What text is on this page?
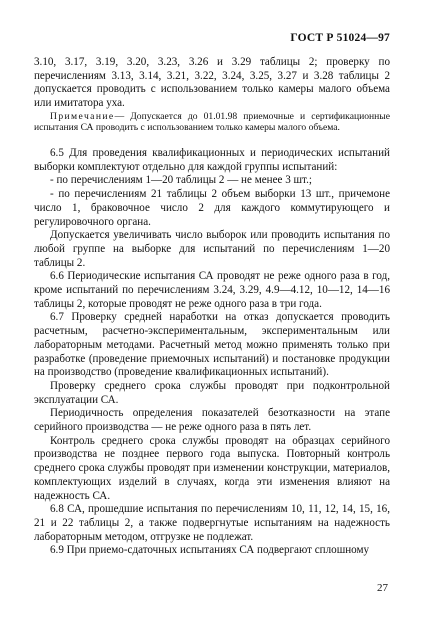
ГОСТ Р 51024—97

3.10, 3.17, 3.19, 3.20, 3.23, 3.26 и 3.29 таблицы 2; проверку по перечислениям 3.13, 3.14, 3.21, 3.22, 3.24, 3.25, 3.27 и 3.28 таблицы 2 допускается проводить с использованием только камеры малого объема или имитатора уха.

Примечание— Допускается до 01.01.98 приемочные и сертификационные испытания СА проводить с использованием только камеры малого объема.

6.5 Для проведения квалификационных и периодических испытаний выборки комплектуют отдельно для каждой группы испытаний:

- по перечислениям 1—20 таблицы 2 — не менее 3 шт.;

- по перечислениям 21 таблицы 2 объем выборки 13 шт., причемоне число 1, браковочное число 2 для каждого коммутирующего и регулировочного органа.

Допускается увеличивать число выборок или проводить испытания по любой группе на выборке для испытаний по перечислениям 1—20 таблицы 2.

6.6 Периодические испытания СА проводят не реже одного раза в год, кроме испытаний по перечислениям 3.24, 3.29, 4.9—4.12, 10—12, 14—16 таблицы 2, которые проводят не реже одного раза в три года.

6.7 Проверку средней наработки на отказ допускается проводить расчетным, расчетно-экспериментальным, экспериментальным или лабораторным методами. Расчетный метод можно применять только при разработке (проведение приемочных испытаний) и постановке продукции на производство (проведение квалификационных испытаний).

Проверку среднего срока службы проводят при подконтрольной эксплуатации СА.

Периодичность определения показателей безотказности на этапе серийного производства — не реже одного раза в пять лет.

Контроль среднего срока службы проводят на образцах серийного производства не позднее первого года выпуска. Повторный контроль среднего срока службы проводят при изменении конструкции, материалов, комплектующих изделий в случаях, когда эти изменения влияют на надежность СА.

6.8 СА, прошедшие испытания по перечислениям 10, 11, 12, 14, 15, 16, 21 и 22 таблицы 2, а также подвергнутые испытаниям на надежность лабораторным методом, отгрузке не подлежат.

6.9 При приемо-сдаточных испытаниях СА подвергают сплошному

27
